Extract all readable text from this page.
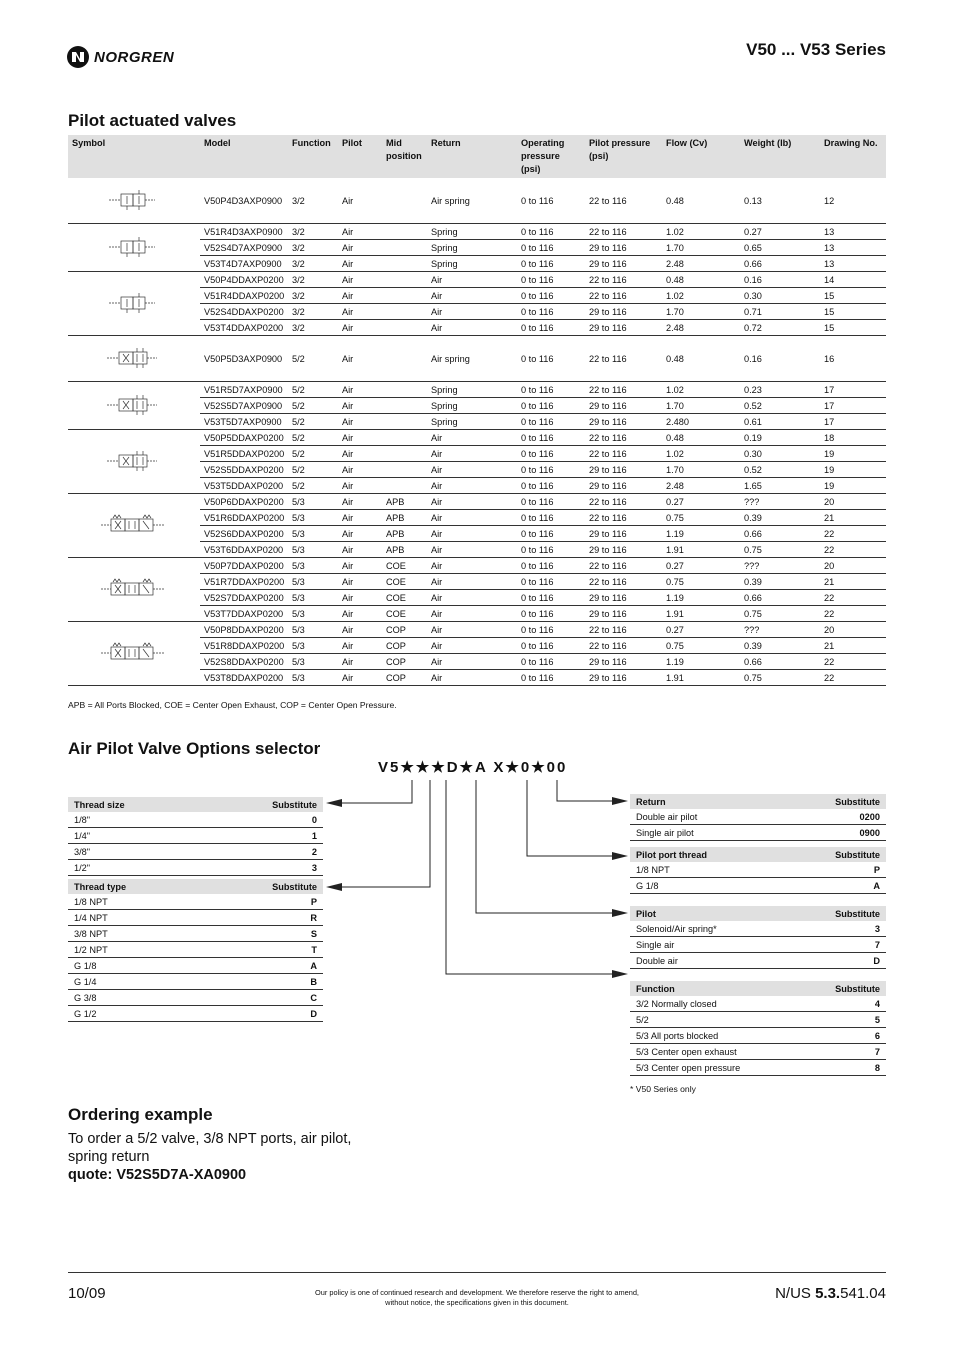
NORGREN	V50 ... V53 Series
Pilot actuated valves
Symbol	Model	Function	Pilot	Mid position	Return	Operating pressure (psi)	Pilot pressure (psi)	Flow (Cv)	Weight (lb)	Drawing No.

	V50P4D3AXP0900	3/2	Air		Air spring	0 to 116	22 to 116	0.48	0.13	12

	V51R4D3AXP0900	3/2	Air		Spring	0 to 116	22 to 116	1.02	0.27	13
	V52S4D7AXP0900	3/2	Air		Spring	0 to 116	29 to 116	1.70	0.65	13
	V53T4D7AXP0900	3/2	Air		Spring	0 to 116	29 to 116	2.48	0.66	13
	V50P4DDAXP0200	3/2	Air		Air	0 to 116	22 to 116	0.48	0.16	14
	V51R4DDAXP0200	3/2	Air		Air	0 to 116	22 to 116	1.02	0.30	15
	V52S4DDAXP0200	3/2	Air		Air	0 to 116	29 to 116	1.70	0.71	15
	V53T4DDAXP0200	3/2	Air		Air	0 to 116	29 to 116	2.48	0.72	15

	V50P5D3AXP0900	5/2	Air		Air spring	0 to 116	22 to 116	0.48	0.16	16

	V51R5D7AXP0900	5/2	Air		Spring	0 to 116	22 to 116	1.02	0.23	17
	V52S5D7AXP0900	5/2	Air		Spring	0 to 116	29 to 116	1.70	0.52	17
	V53T5D7AXP0900	5/2	Air		Spring	0 to 116	29 to 116	2.480	0.61	17
	V50P5DDAXP0200	5/2	Air		Air	0 to 116	22 to 116	0.48	0.19	18
	V51R5DDAXP0200	5/2	Air		Air	0 to 116	22 to 116	1.02	0.30	19
	V52S5DDAXP0200	5/2	Air		Air	0 to 116	29 to 116	1.70	0.52	19
	V53T5DDAXP0200	5/2	Air		Air	0 to 116	29 to 116	2.48	1.65	19
	V50P6DDAXP0200	5/3	Air	APB	Air	0 to 116	22 to 116	0.27	???	20
	V51R6DDAXP0200	5/3	Air	APB	Air	0 to 116	22 to 116	0.75	0.39	21
	V52S6DDAXP0200	5/3	Air	APB	Air	0 to 116	29 to 116	1.19	0.66	22
	V53T6DDAXP0200	5/3	Air	APB	Air	0 to 116	29 to 116	1.91	0.75	22
	V50P7DDAXP0200	5/3	Air	COE	Air	0 to 116	22 to 116	0.27	???	20
	V51R7DDAXP0200	5/3	Air	COE	Air	0 to 116	22 to 116	0.75	0.39	21
	V52S7DDAXP0200	5/3	Air	COE	Air	0 to 116	29 to 116	1.19	0.66	22
	V53T7DDAXP0200	5/3	Air	COE	Air	0 to 116	29 to 116	1.91	0.75	22
	V50P8DDAXP0200	5/3	Air	COP	Air	0 to 116	22 to 116	0.27	???	20
	V51R8DDAXP0200	5/3	Air	COP	Air	0 to 116	22 to 116	0.75	0.39	21
	V52S8DDAXP0200	5/3	Air	COP	Air	0 to 116	29 to 116	1.19	0.66	22
	V53T8DDAXP0200	5/3	Air	COP	Air	0 to 116	29 to 116	1.91	0.75	22
APB = All Ports Blocked, COE = Center Open Exhaust, COP = Center Open Pressure.
Air Pilot Valve Options selector
V5★★★D★A X★0★00
Thread size	Substitute
1/8"	0
1/4"	1
3/8"	2
1/2"	3
Thread type	Substitute
1/8 NPT	P
1/4 NPT	R
3/8 NPT	S
1/2 NPT	T
G 1/8	A
G 1/4	B
G 3/8	C
G 1/2	D
Return	Substitute
Double air pilot	0200
Single air pilot	0900
Pilot port thread	Substitute
1/8 NPT	P
G 1/8	A
Pilot	Substitute
Solenoid/Air spring*	3
Single air	7
Double air	D
Function	Substitute
3/2 Normally closed	4
5/2	5
5/3 All ports blocked	6
5/3 Center open exhaust	7
5/3 Center open pressure	8
* V50 Series only
Ordering example
To order a 5/2 valve, 3/8 NPT ports, air pilot,
spring return
quote: V52S5D7A-XA0900
10/09	Our policy is one of continued research and development. We therefore reserve the right to amend,
without notice, the specifications given in this document.
N/US 5.3.541.04
